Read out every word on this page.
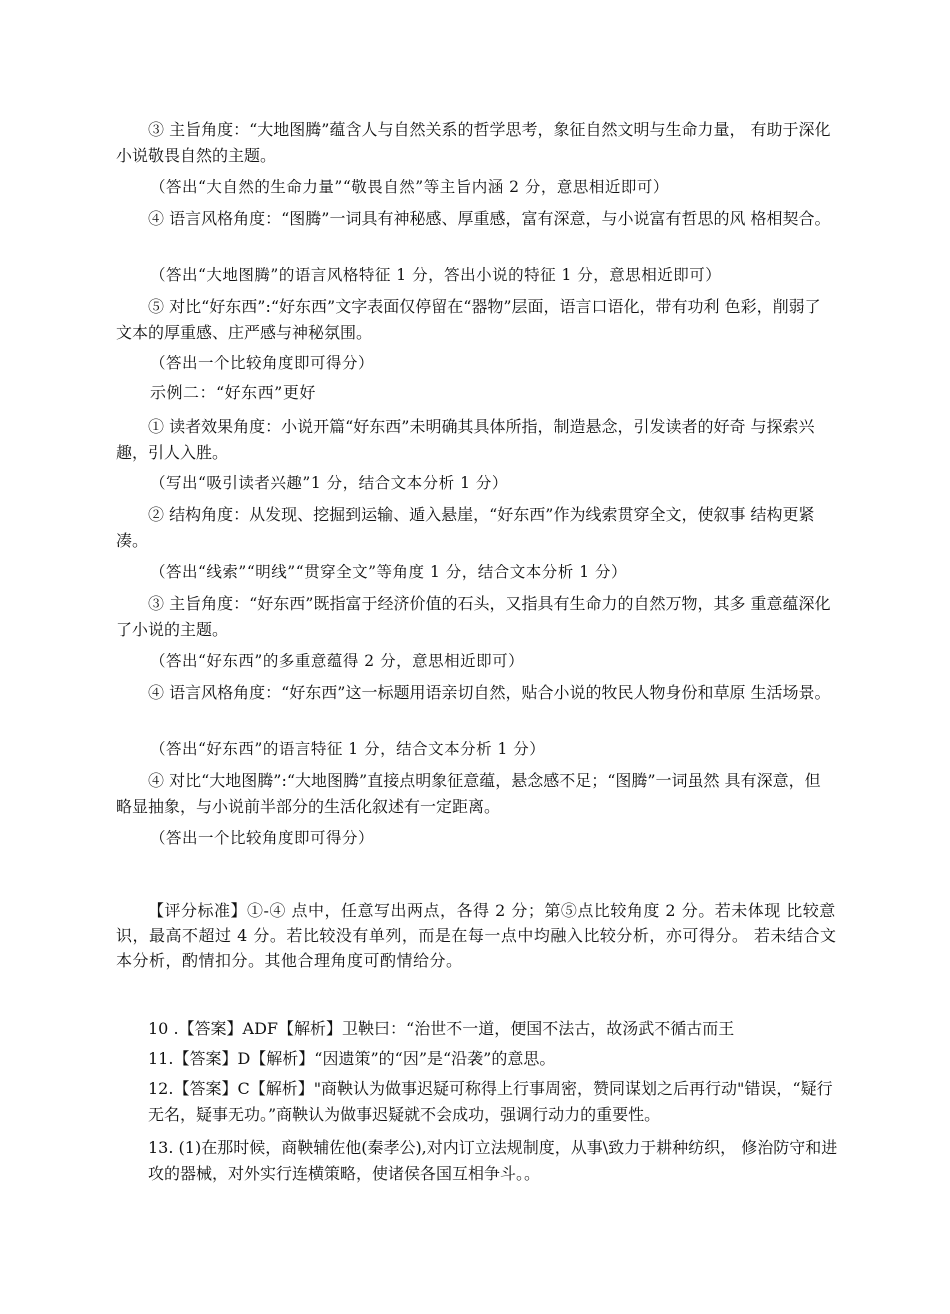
③ 主旨角度：“大地图腾”蕴含人与自然关系的哲学思考，象征自然文明与生命力量， 有助于深化小说敬畏自然的主题。

（答出“大自然的生命力量”“敬畏自然”等主旨内涵 2 分，意思相近即可）

④ 语言风格角度：“图腾”一词具有神秘感、厚重感，富有深意，与小说富有哲思的风 格相契合。

（答出“大地图腾”的语言风格特征 1 分，答出小说的特征 1 分，意思相近即可）

⑤ 对比“好东西”:“好东西”文字表面仅停留在“器物”层面，语言口语化，带有功利 色彩，削弱了文本的厚重感、庄严感与神秘氛围。

（答出一个比较角度即可得分）

示例二：“好东西”更好

① 读者效果角度：小说开篇“好东西”未明确其具体所指，制造悬念，引发读者的好奇 与探索兴趣，引人入胜。

（写出“吸引读者兴趣”1 分，结合文本分析 1 分）

② 结构角度：从发现、挖掘到运输、遁入悬崖，“好东西”作为线索贯穿全文，使叙事 结构更紧凑。

（答出“线索”“明线”“贯穿全文”等角度 1 分，结合文本分析 1 分）

③ 主旨角度：“好东西”既指富于经济价值的石头，又指具有生命力的自然万物，其多 重意蕴深化了小说的主题。

（答出“好东西”的多重意蕴得 2 分，意思相近即可）

④ 语言风格角度：“好东西”这一标题用语亲切自然，贴合小说的牧民人物身份和草原 生活场景。

（答出“好东西”的语言特征 1 分，结合文本分析 1 分）

④ 对比“大地图腾”:“大地图腾”直接点明象征意蕴，悬念感不足；“图腾”一词虽然 具有深意，但略显抽象，与小说前半部分的生活化叙述有一定距离。

（答出一个比较角度即可得分）

【评分标准】①-④ 点中，任意写出两点，各得 2 分；第⑤点比较角度 2 分。若未体现 比较意识，最高不超过 4 分。若比较没有单列，而是在每一点中均融入比较分析，亦可得分。 若未结合文本分析，酌情扣分。其他合理角度可酌情给分。

10 .【答案】ADF【解析】卫鞅曰：“治世不一道，便国不法古，故汤武不循古而王

11.【答案】D【解析】“因遗策”的“因”是“沿袭”的意思。

12.【答案】C【解析】"商鞅认为做事迟疑可称得上行事周密，赞同谋划之后再行动"错误，“疑行无名，疑事无功。”商鞅认为做事迟疑就不会成功，强调行动力的重要性。

13. (1)在那时候，商鞅辅佐他(秦孝公),对内订立法规制度，从事\致力于耕种纺织， 修治防守和进攻的器械，对外实行连横策略，使诸侯各国互相争斗。。
